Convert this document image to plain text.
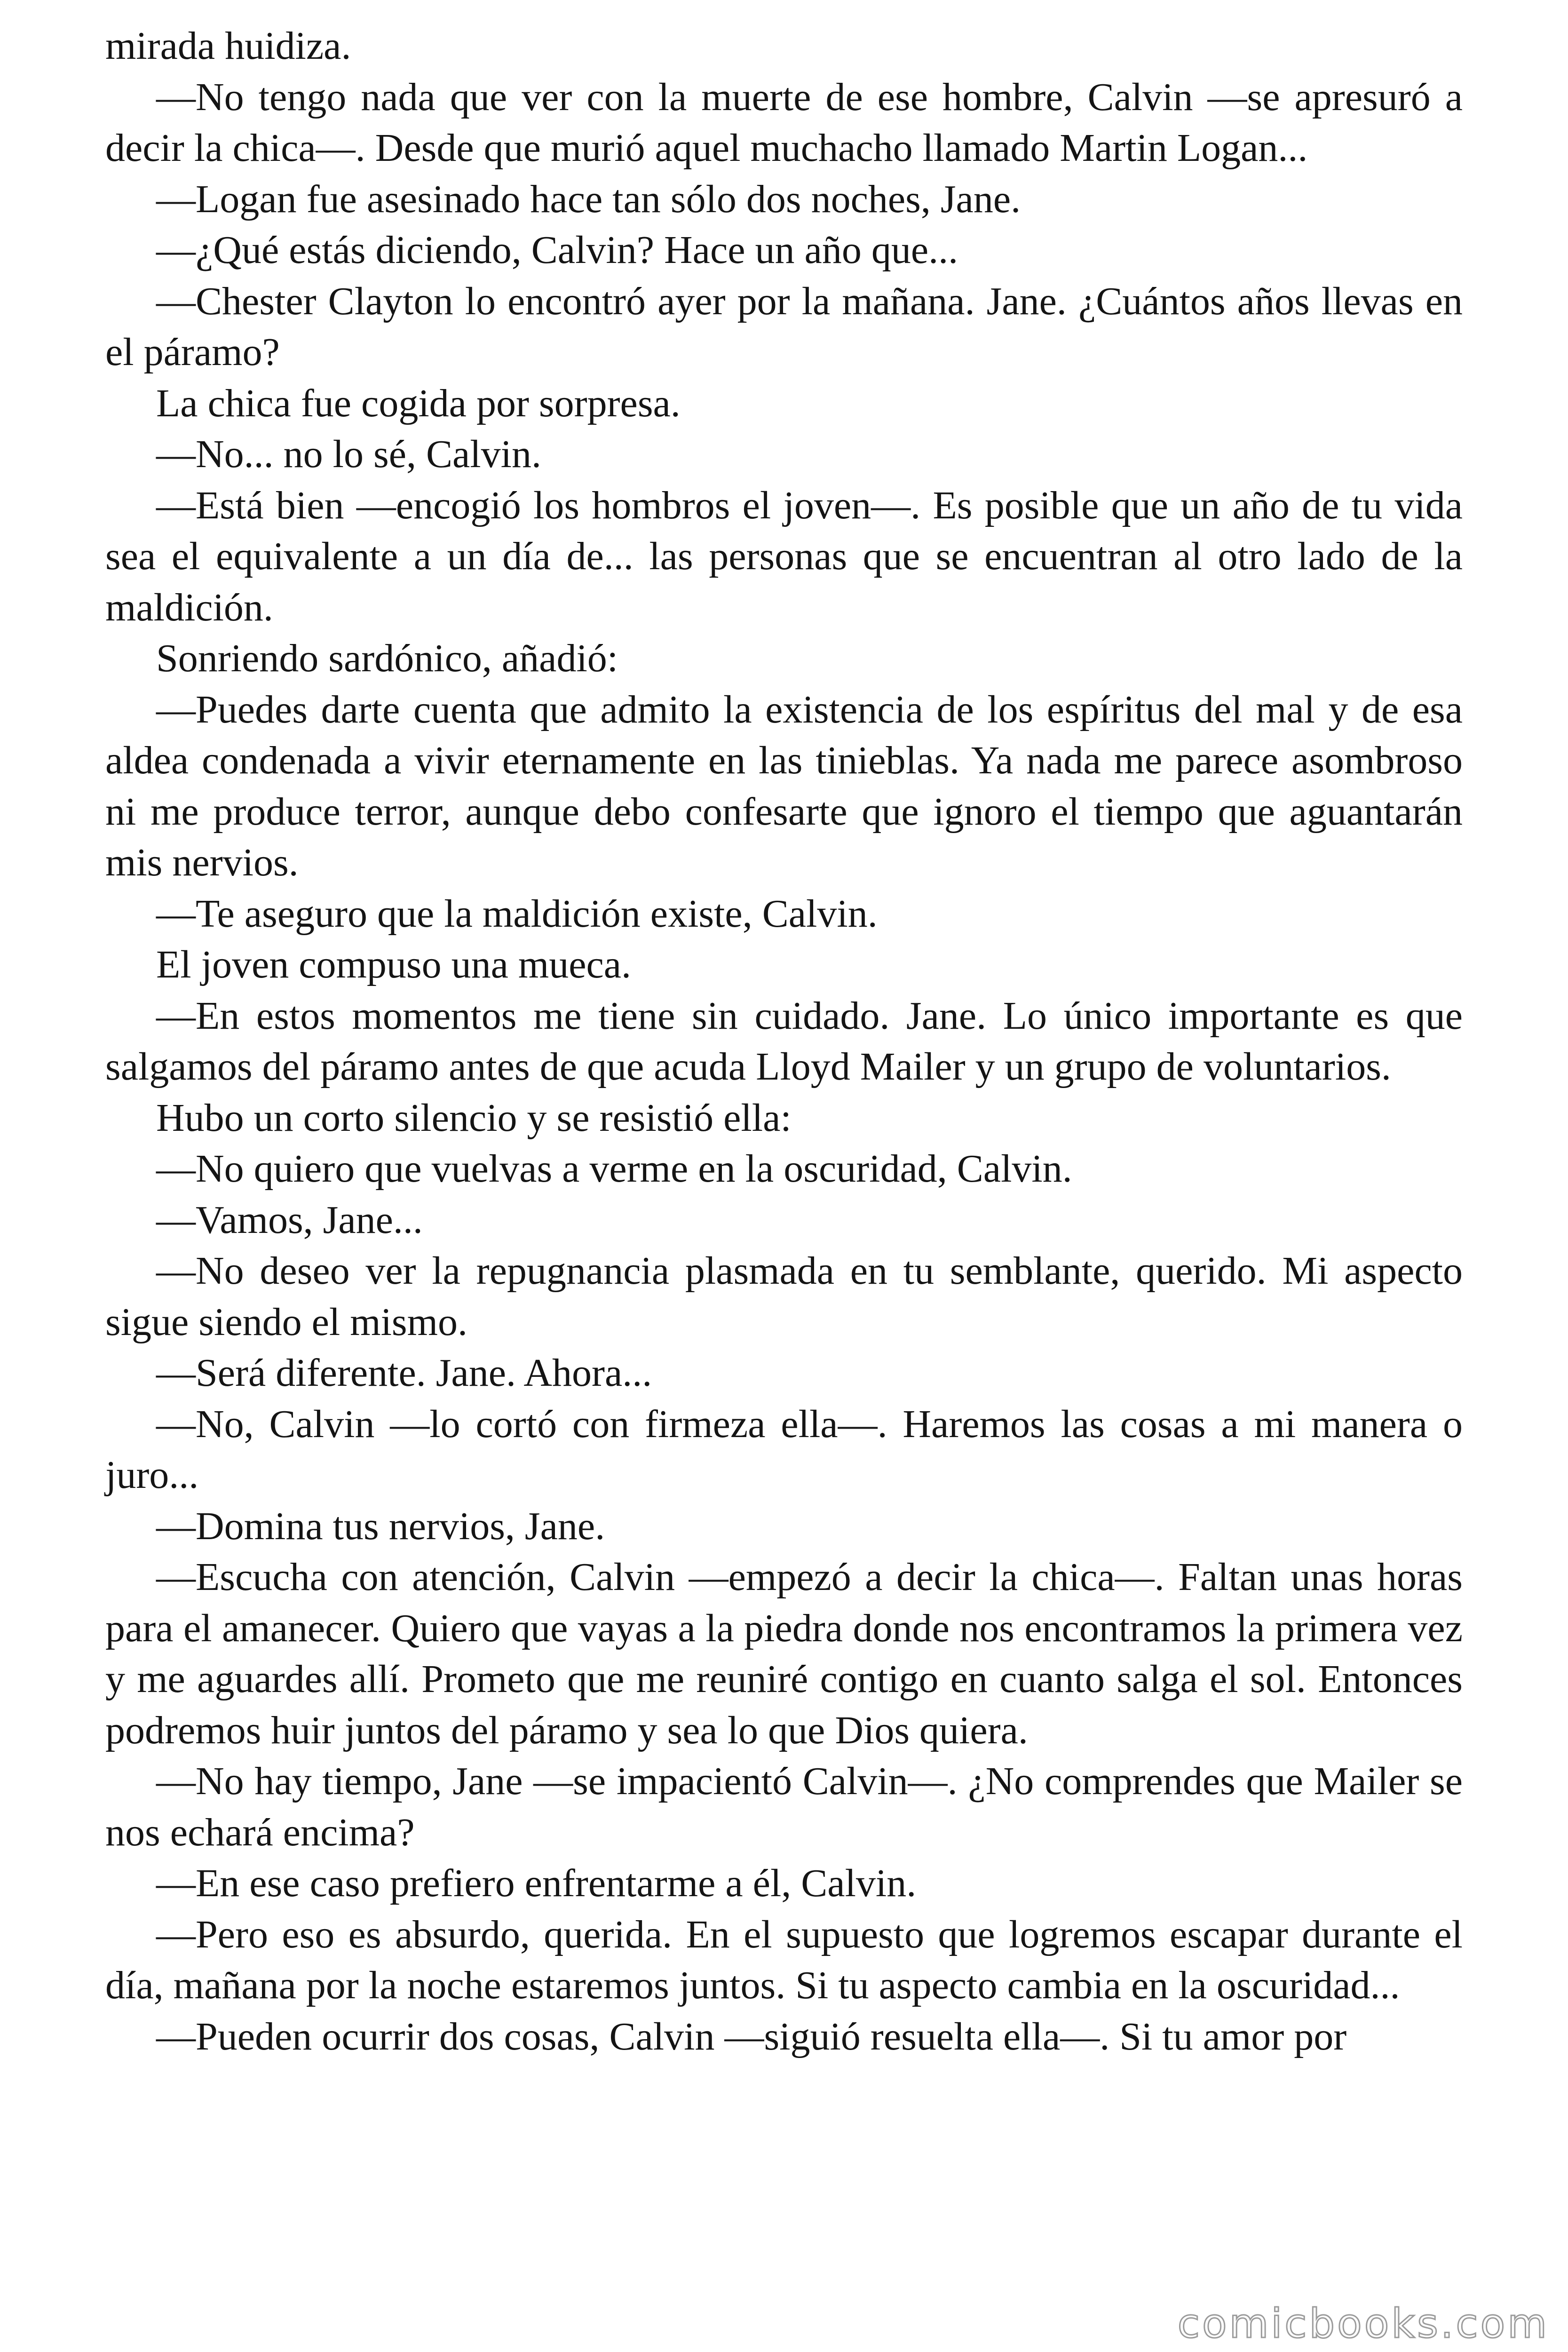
mirada huidiza.

—No tengo nada que ver con la muerte de ese hombre, Calvin —se apresuró a decir la chica—. Desde que murió aquel muchacho llamado Martin Logan...

—Logan fue asesinado hace tan sólo dos noches, Jane.

—¿Qué estás diciendo, Calvin? Hace un año que...

—Chester Clayton lo encontró ayer por la mañana. Jane. ¿Cuántos años llevas en el páramo?

La chica fue cogida por sorpresa.

—No... no lo sé, Calvin.

—Está bien —encogió los hombros el joven—. Es posible que un año de tu vida sea el equivalente a un día de... las personas que se encuentran al otro lado de la maldición.

Sonriendo sardónico, añadió:

—Puedes darte cuenta que admito la existencia de los espíritus del mal y de esa aldea condenada a vivir eternamente en las tinieblas. Ya nada me parece asombroso ni me produce terror, aunque debo confesarte que ignoro el tiempo que aguantarán mis nervios.

—Te aseguro que la maldición existe, Calvin.

El joven compuso una mueca.

—En estos momentos me tiene sin cuidado. Jane. Lo único importante es que salgamos del páramo antes de que acuda Lloyd Mailer y un grupo de voluntarios.

Hubo un corto silencio y se resistió ella:

—No quiero que vuelvas a verme en la oscuridad, Calvin.

—Vamos, Jane...

—No deseo ver la repugnancia plasmada en tu semblante, querido. Mi aspecto sigue siendo el mismo.

—Será diferente. Jane. Ahora...

—No, Calvin —lo cortó con firmeza ella—. Haremos las cosas a mi manera o juro...

—Domina tus nervios, Jane.

—Escucha con atención, Calvin —empezó a decir la chica—. Faltan unas horas para el amanecer. Quiero que vayas a la piedra donde nos encontramos la primera vez y me aguardes allí. Prometo que me reuniré contigo en cuanto salga el sol. Entonces podremos huir juntos del páramo y sea lo que Dios quiera.

—No hay tiempo, Jane —se impacientó Calvin—. ¿No comprendes que Mailer se nos echará encima?

—En ese caso prefiero enfrentarme a él, Calvin.

—Pero eso es absurdo, querida. En el supuesto que logremos escapar durante el día, mañana por la noche estaremos juntos. Si tu aspecto cambia en la oscuridad...

—Pueden ocurrir dos cosas, Calvin —siguió resuelta ella—. Si tu amor por

comicbooks.com
